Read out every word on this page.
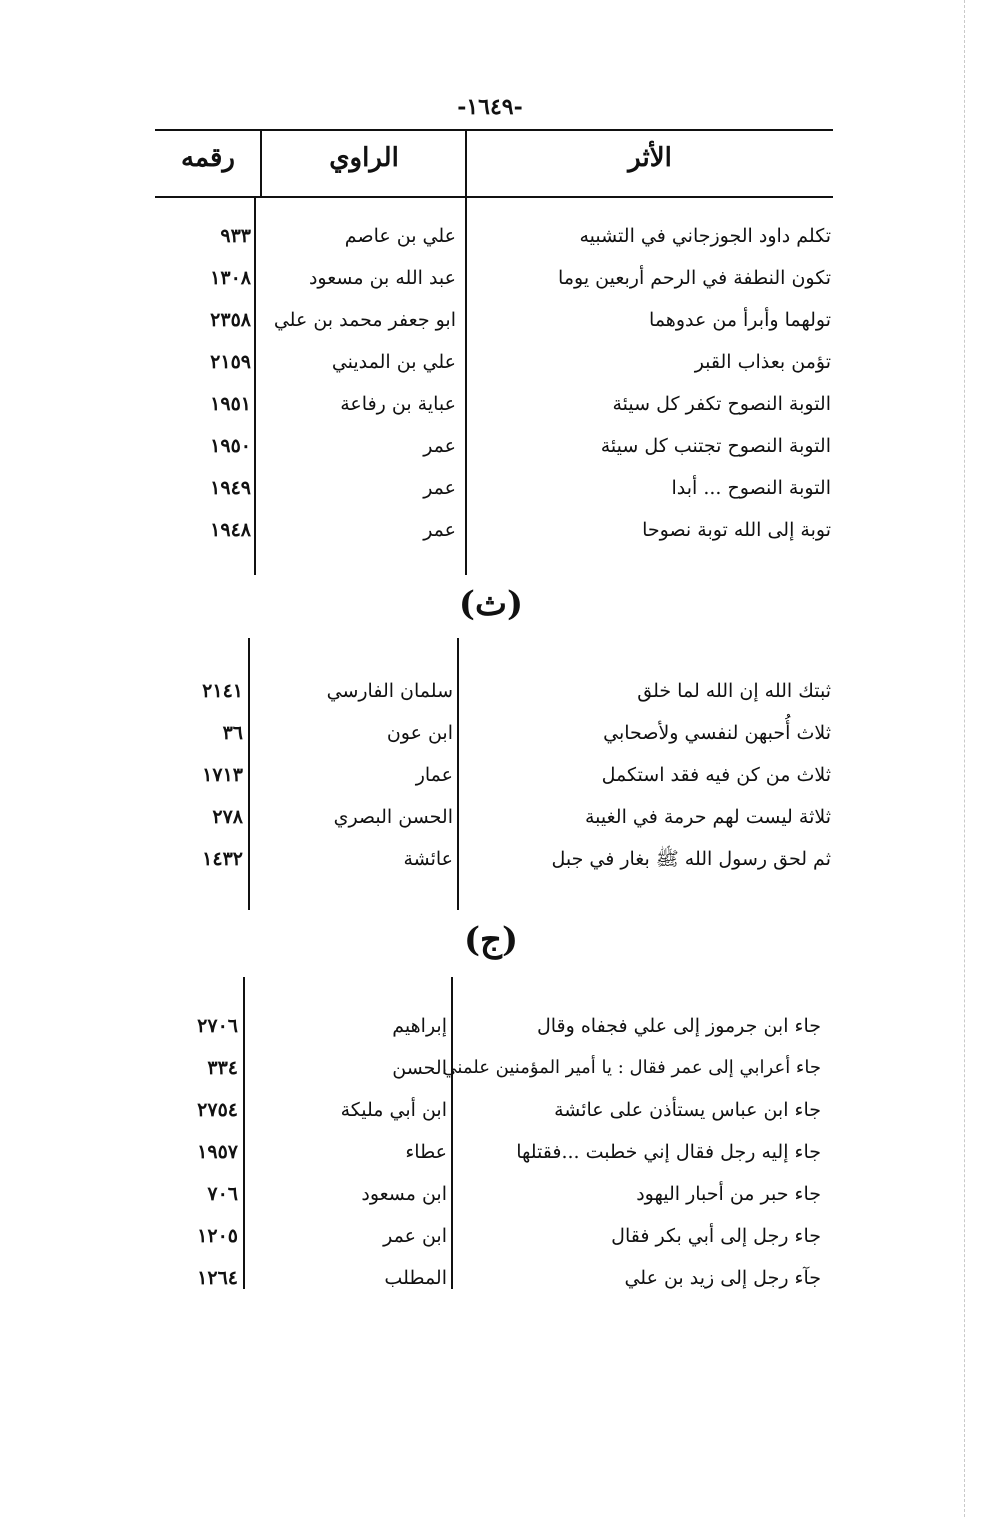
-١٦٤٩-
الأثر
الراوي
رقمه
تكلم داود الجوزجاني في التشبيه
علي بن عاصم
٩٣٣
تكون النطفة في الرحم أربعين يوما
عبد الله بن مسعود
١٣٠٨
تولهما وأبرأ من عدوهما
ابو جعفر محمد بن علي
٢٣٥٨
تؤمن بعذاب القبر
علي بن المديني
٢١٥٩
التوبة النصوح تكفر كل سيئة
عباية بن رفاعة
١٩٥١
التوبة النصوح تجتنب كل سيئة
عمر
١٩٥٠
التوبة النصوح ... أبدا
عمر
١٩٤٩
توبة إلى الله توبة نصوحا
عمر
١٩٤٨
(ث)
ثبتك الله إن الله لما خلق
سلمان الفارسي
٢١٤١
ثلاث أُحبهن لنفسي ولأصحابي
ابن عون
٣٦
ثلاث من كن فيه فقد استكمل
عمار
١٧١٣
ثلاثة ليست لهم حرمة في الغيبة
الحسن البصري
٢٧٨
ثم لحق رسول الله ﷺ بغار في جبل
عائشة
١٤٣٢
(ج)
جاء ابن جرموز إلى علي فجفاه وقال
إبراهيم
٢٧٠٦
جاء أعرابي إلى عمر فقال : يا أمير المؤمنين علمني
الحسن
٣٣٤
جاء ابن عباس يستأذن على عائشة
ابن أبي مليكة
٢٧٥٤
جاء إليه رجل فقال إني خطبت ...فقتلها
عطاء
١٩٥٧
جاء حبر من أحبار اليهود
ابن مسعود
٧٠٦
جاء رجل إلى أبي بكر فقال
ابن عمر
١٢٠٥
جآء رجل إلى زيد بن علي
المطلب
١٢٦٤
